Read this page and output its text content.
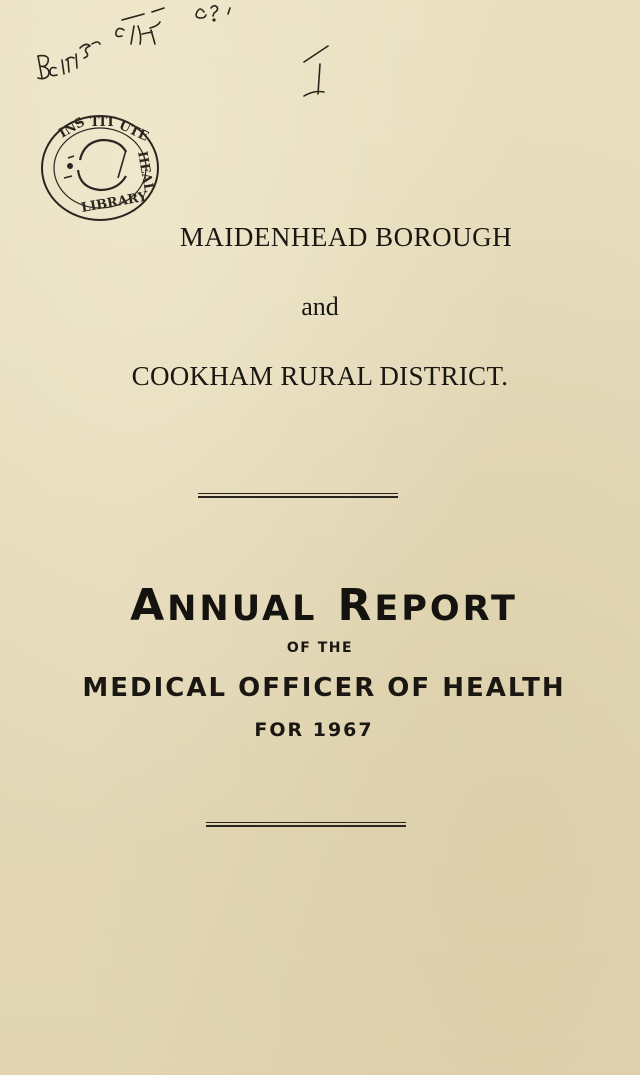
INS TIT UTE
HEAL
LIBRARY

MAIDENHEAD BOROUGH

and

COOKHAM RURAL DISTRICT.

ANNUAL REPORT

OF THE

MEDICAL OFFICER OF HEALTH

FOR 1967
